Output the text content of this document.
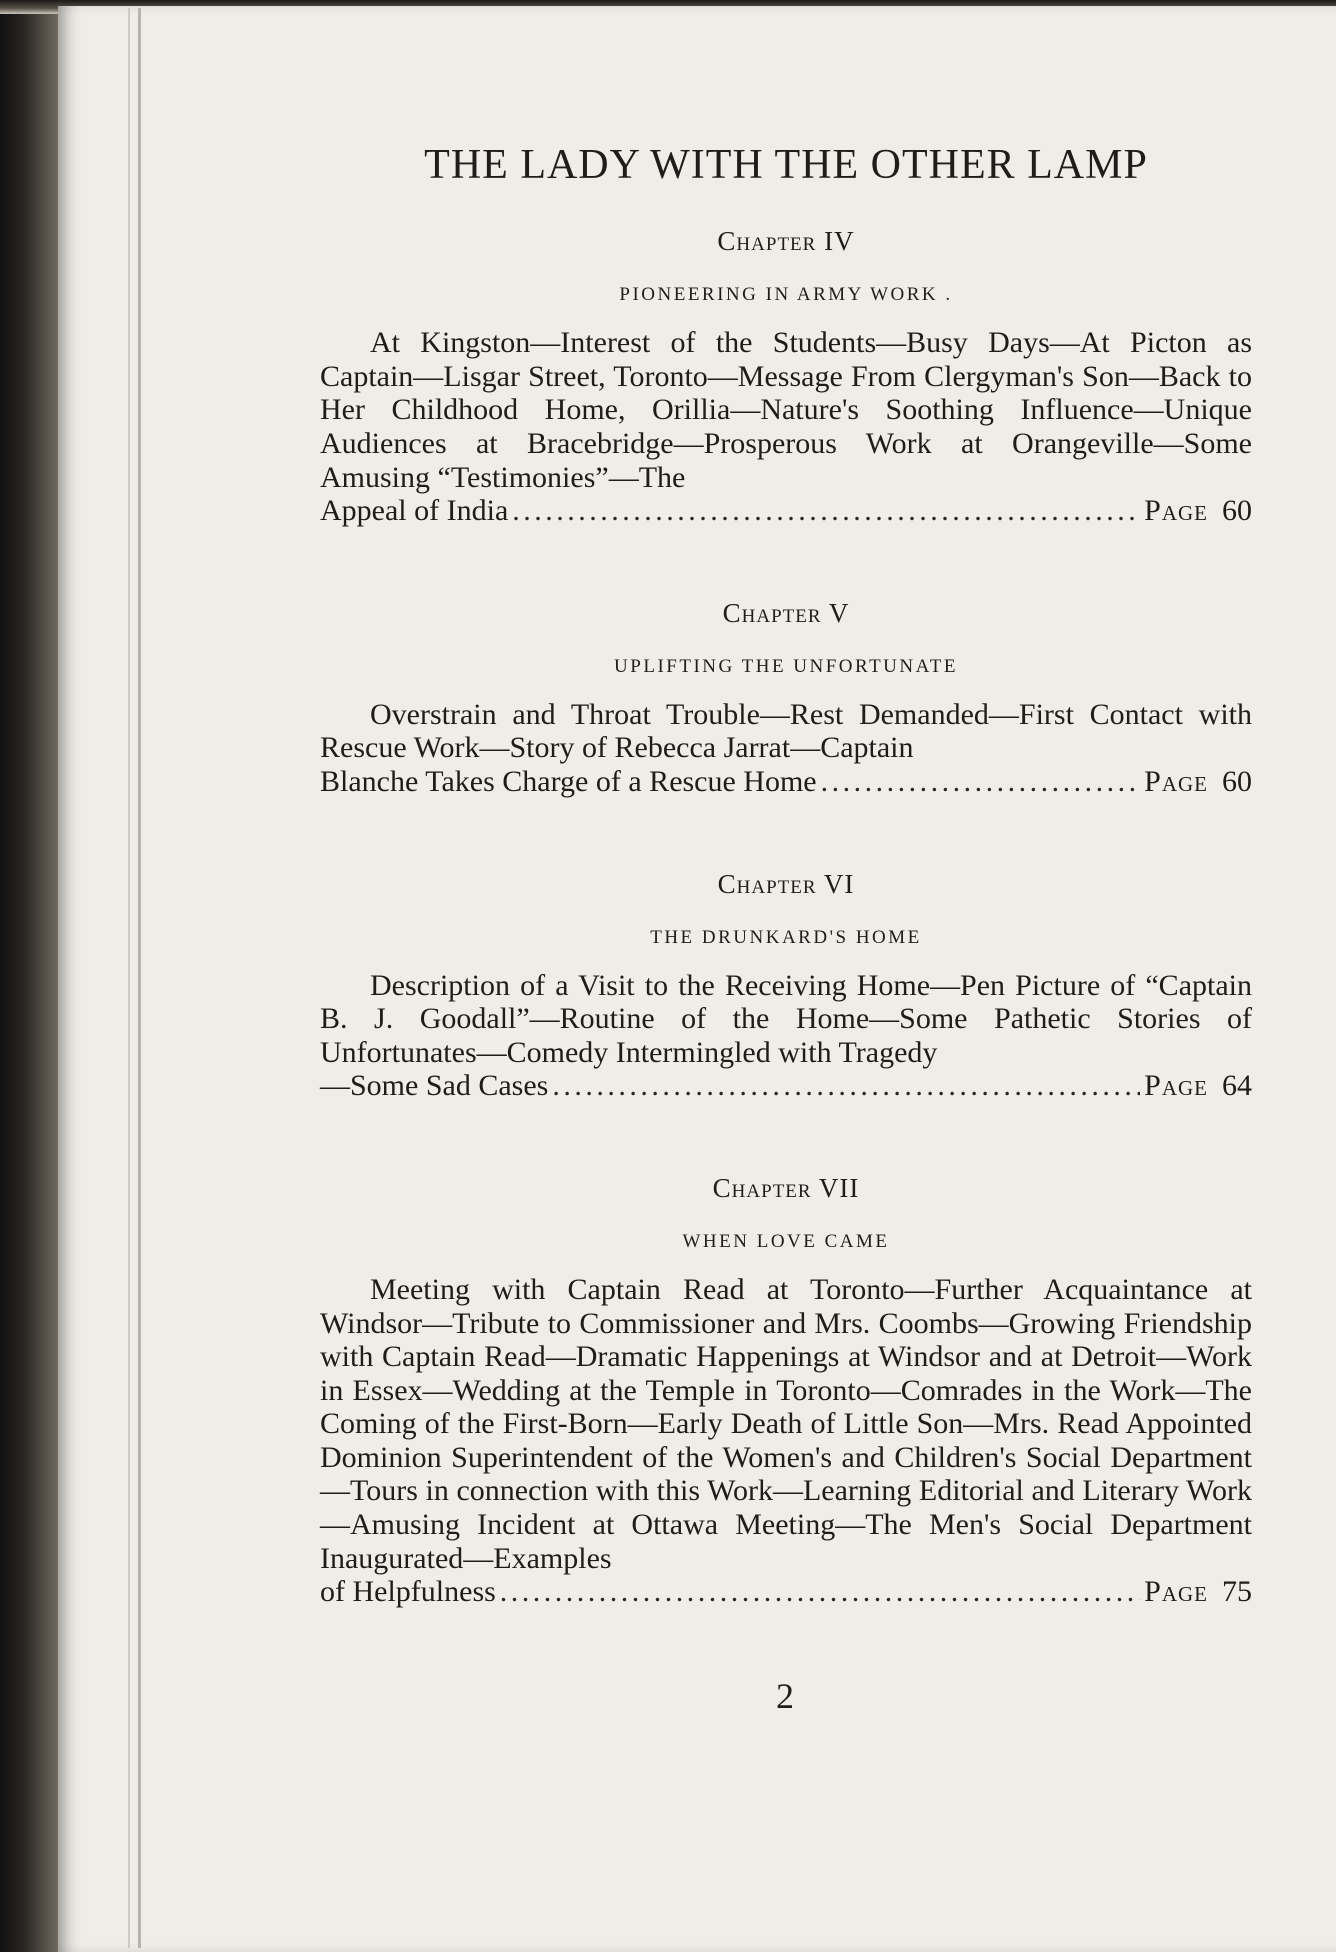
THE LADY WITH THE OTHER LAMP
Chapter IV
PIONEERING IN ARMY WORK .
At Kingston—Interest of the Students—Busy Days—At Picton as Captain—Lisgar Street, Toronto—Message From Clergyman's Son—Back to Her Childhood Home, Orillia—Nature's Soothing Influence—Unique Audiences at Bracebridge—Prosperous Work at Orangeville—Some Amusing “Testimonies”—The
Appeal of India . . .	Page 60
Chapter V
UPLIFTING THE UNFORTUNATE
Overstrain and Throat Trouble—Rest Demanded—First Contact with Rescue Work—Story of Rebecca Jarrat—Captain
Blanche Takes Charge of a Rescue Home . . .	Page 60
Chapter VI
THE DRUNKARD'S HOME
Description of a Visit to the Receiving Home—Pen Picture of “Captain B. J. Goodall”—Routine of the Home—Some Pathetic Stories of Unfortunates—Comedy Intermingled with Tragedy
—Some Sad Cases . . .	Page 64
Chapter VII
WHEN LOVE CAME
Meeting with Captain Read at Toronto—Further Acquaintance at Windsor—Tribute to Commissioner and Mrs. Coombs—Growing Friendship with Captain Read—Dramatic Happenings at Windsor and at Detroit—Work in Essex—Wedding at the Temple in Toronto—Comrades in the Work—The Coming of the First-Born—Early Death of Little Son—Mrs. Read Appointed Dominion Superintendent of the Women's and Children's Social Department—Tours in connection with this Work—Learning Editorial and Literary Work—Amusing Incident at Ottawa Meeting—The Men's Social Department Inaugurated—Examples
of Helpfulness . . .	Page 75
2
